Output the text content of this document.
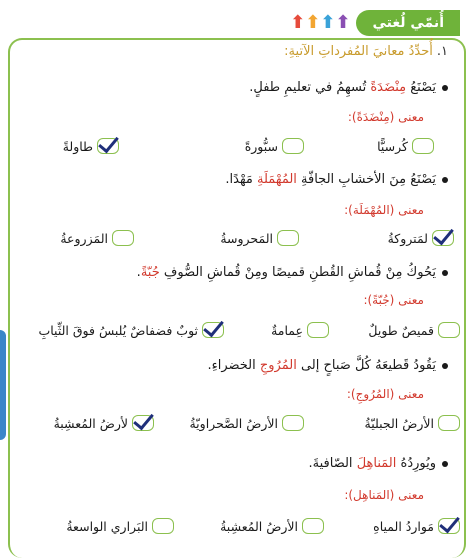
أُنمّي لُغتي
⬆ ⬆ ⬆ ⬆
١.أُحدِّدُ معانيَ المُفرداتِ الآتيةِ:
يَصْنَعُ مِنْضَدَةً تُسهِمُ في تعليمِ طفلٍ.
معنى (مِنْضَدَةً):
طاولةً	سبُّورةً	كُرسيًّا
يَصْنَعُ مِنَ الأخشابِ الجافّةِ المُهْمَلَةِ مَهْدًا.
معنى (المُهْمَلَة):
المَزروعةُ	المَحروسةُ	لمَتروكةُ
يَحُوكُ مِنْ قُماشِ القُطنِ قميصًا ومِنْ قُماشِ الصُّوفِ جُبّةً.
معنى (جُبّةً):
ثوبٌ فضفاضٌ يُلبسُ فوقَ الثِّيابِ	عِمامةٌ	قميصٌ طويلٌ
يَقُودُ قَطيعَهُ كُلَّ صَباحٍ إلى المُرُوجِ الخضراءِ.
معنى (المُرُوجِ):
لأرضُ المُعشِبةُ	الأرضُ الصَّحراويّةُ	الأرضُ الجبليّةُ
ويُورِدُهُ المَناهِلَ الصّافيةَ.
معنى (المَناهِل):
البَراري الواسعةُ	الأرضُ المُعشِبةُ	مَواردُ المياهِ
